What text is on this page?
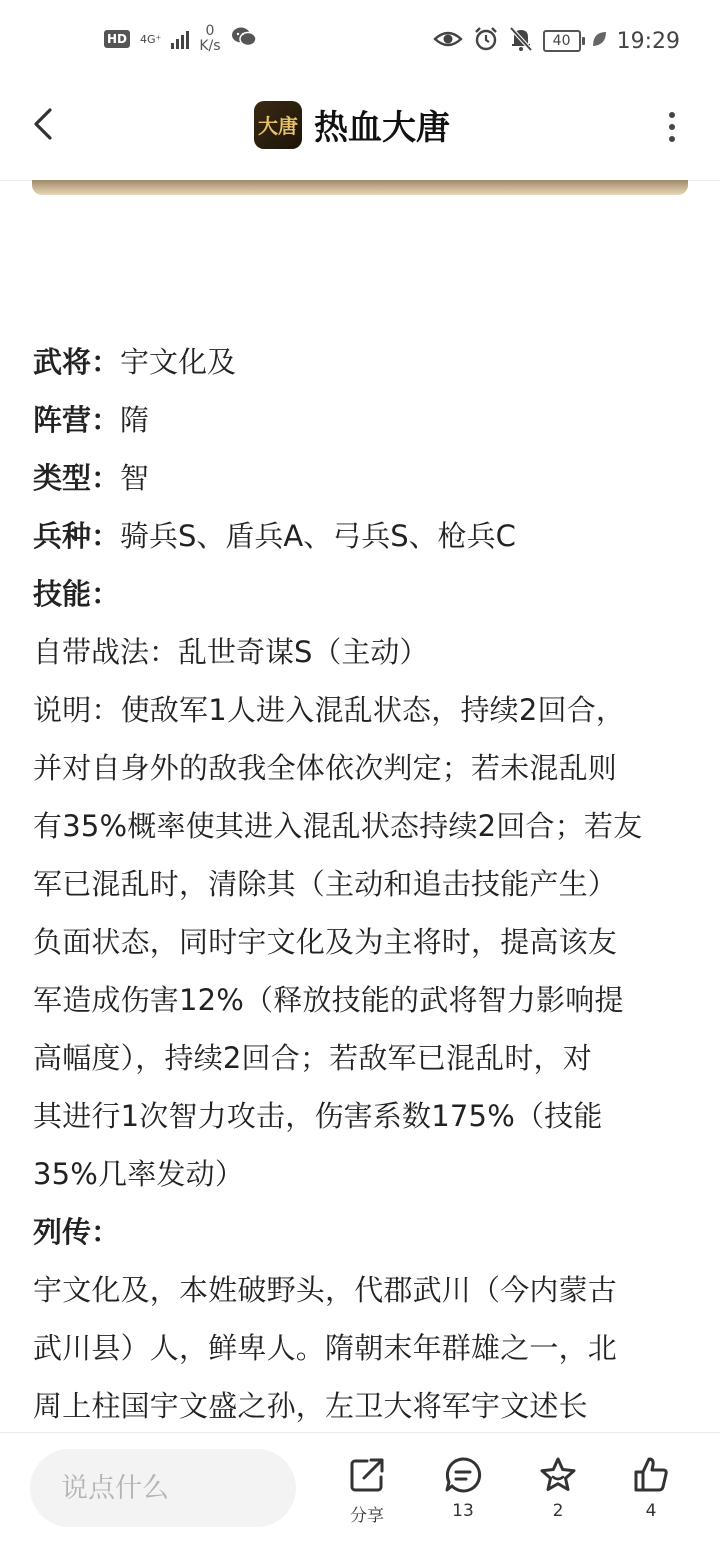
HD 4G⁺	0
K/s	40	19:29
大唐 热血大唐
武将：宇文化及
阵营：隋
类型：智
兵种：骑兵S、盾兵A、弓兵S、枪兵C
技能：
自带战法：乱世奇谋S（主动）
说明：使敌军1人进入混乱状态，持续2回合，
并对自身外的敌我全体依次判定；若未混乱则
有35%概率使其进入混乱状态持续2回合；若友
军已混乱时，清除其（主动和追击技能产生）
负面状态，同时宇文化及为主将时，提高该友
军造成伤害12%（释放技能的武将智力影响提
高幅度），持续2回合；若敌军已混乱时，对
其进行1次智力攻击，伤害系数175%（技能
35%几率发动）
列传：
宇文化及，本姓破野头，代郡武川（今内蒙古
武川县）人，鲜卑人。隋朝末年群雄之一，北
周上柱国宇文盛之孙，左卫大将军宇文述长
说点什么
分享	13	2	4
